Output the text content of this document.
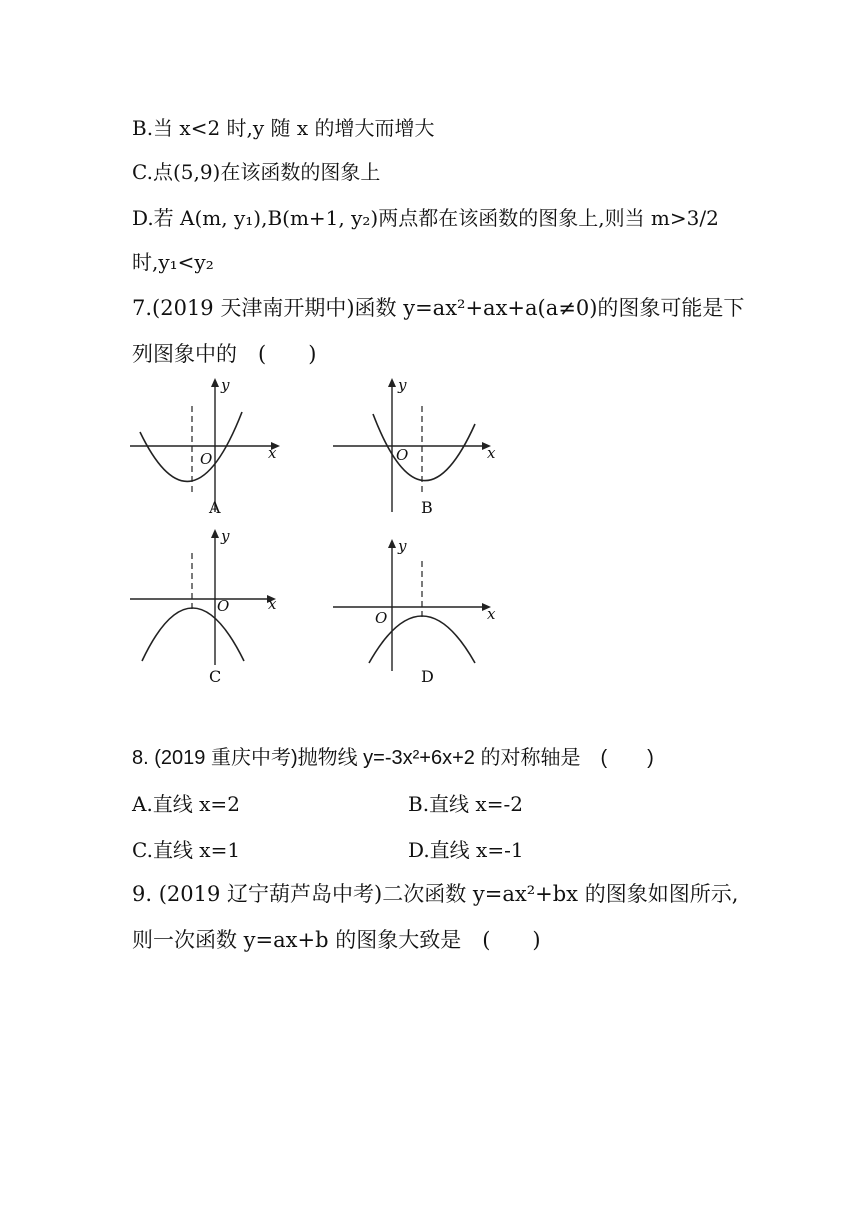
B.当 x<2 时,y 随 x 的增大而增大
C.点(5,9)在该函数的图象上
D.若 A(m, y₁),B(m+1, y₂)两点都在该函数的图象上,则当 m>3/2
时,y₁<y₂
7.(2019 天津南开期中)函数 y=ax²+ax+a(a≠0)的图象可能是下
列图象中的　(　　)
y
x
O
A
y
x
O
B
y
x
O
C
y
x
O
D
8. (2019 重庆中考)抛物线 y=-3x²+6x+2 的对称轴是　(　　)
A.直线 x=2	B.直线 x=-2
C.直线 x=1	D.直线 x=-1
9. (2019 辽宁葫芦岛中考)二次函数 y=ax²+bx 的图象如图所示,
则一次函数 y=ax+b 的图象大致是　(　　)
